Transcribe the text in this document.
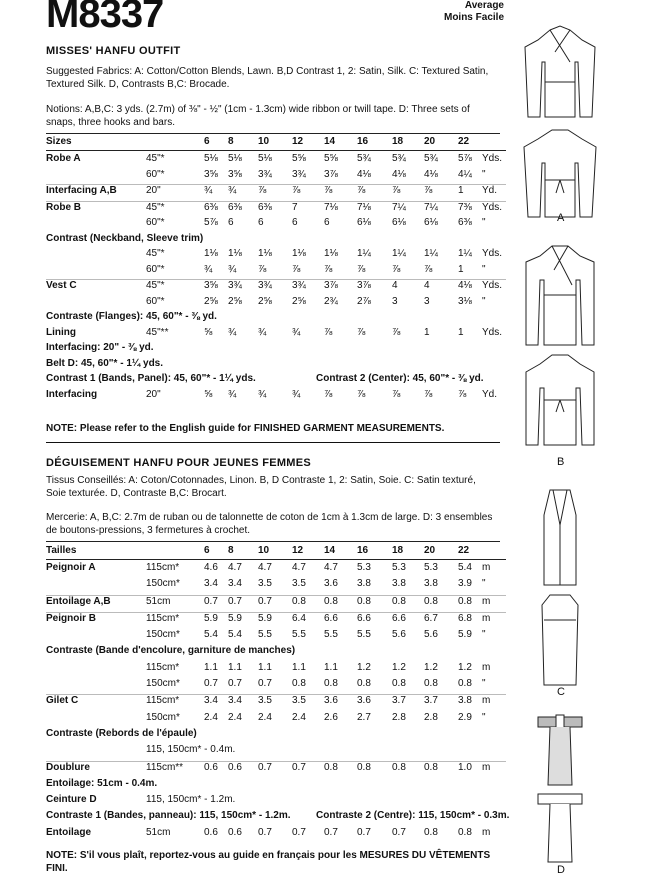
M8337	Average
Moins Facile
MISSES' HANFU OUTFIT
Suggested Fabrics: A: Cotton/Cotton Blends, Lawn. B,D Contrast 1, 2: Satin, Silk. C: Textured Satin, Textured Silk. D, Contrasts B,C: Brocade.
Notions: A,B,C: 3 yds. (2.7m) of ⅜" - ½" (1cm - 1.3cm) wide ribbon or twill tape. D: Three sets of snaps, three hooks and bars.
Sizes	6 8 10 12 14 16 18 20 22
Robe A	45"*	5⅛ 5⅛ 5⅛ 5⅝ 5⅝ 5¾ 5¾ 5¾ 5⅞ Yds.
60"*	3⅝ 3⅝ 3¾ 3¾ 3⅞ 4⅛ 4⅛ 4⅛ 4¼ "
Interfacing A,B	20"	¾ ¾ ⅞	⅞ ⅞ ⅞	⅞ ⅞	1 Yd.
Robe B	45"*	6⅜ 6⅜ 6⅜ 7	7⅛ 7⅛ 7¼ 7¼ 7⅜ Yds.
60"*	5⅞ 6 6	6	6	6⅛ 6⅛ 6⅛ 6⅜ "
Contrast (Neckband, Sleeve trim)
45"*	1⅛ 1⅛ 1⅛ 1⅛ 1⅛ 1¼ 1¼ 1¼ 1¼ Yds.
60"*	¾ ¾ ⅞	⅞ ⅞ ⅞	⅞ ⅞	1 "
Vest C	45"*	3⅝ 3¾ 3¾ 3¾ 3⅞ 3⅞ 4	4	4⅛ Yds.
60"*	2⅝ 2⅝ 2⅝ 2⅝ 2¾ 2⅞ 3	3	3⅛ "
Contraste (Flanges): 45, 60"* - ⅜ yd.
Lining	45"**	⅝ ¾ ¾	¾ ⅞ ⅞	⅞ 1	1 Yds.
Interfacing: 20" - ⅜ yd.
Belt D: 45, 60"* - 1¼ yds.
Contrast 1 (Bands, Panel): 45, 60"* - 1¼ yds.	Contrast 2 (Center): 45, 60"* - ⅜ yd.
Interfacing	20"	⅝ ¾ ¾	¾ ⅞ ⅞	⅞ ⅞	⅞ Yd.
NOTE: Please refer to the English guide for FINISHED GARMENT MEASUREMENTS.
DÉGUISEMENT HANFU POUR JEUNES FEMMES
Tissus Conseillés: A: Coton/Cotonnades, Linon. B, D Contraste 1, 2: Satin, Soie. C: Satin texturé, Soie texturée. D, Contraste B,C: Brocart.
Mercerie: A, B,C: 2.7m de ruban ou de talonnette de coton de 1cm à 1.3cm de large. D: 3 ensembles de boutons-pressions, 3 fermetures à crochet.
Tailles	6 8 10 12 14 16 18 20 22
Peignoir A	115cm* 4.6 4.7 4.7 4.7 4.7 5.3 5.3 5.3 5.4 m
150cm* 3.4 3.4 3.5 3.5 3.6 3.8 3.8 3.8 3.9 "
Entoilage A,B	51cm	0.7 0.7 0.7 0.8 0.8 0.8 0.8 0.8 0.8 m
Peignoir B	115cm* 5.9 5.9 5.9 6.4 6.6 6.6 6.6 6.7 6.8 m
150cm* 5.4 5.4 5.5 5.5 5.5 5.5 5.6 5.6 5.9 "
Contraste (Bande d'encolure, garniture de manches)
115cm* 1.1 1.1 1.1 1.1 1.1 1.2 1.2 1.2 1.2 m
150cm* 0.7 0.7 0.7 0.8 0.8 0.8 0.8 0.8 0.8 "
Gilet C	115cm* 3.4 3.4 3.5 3.5 3.6 3.6 3.7 3.7 3.8 m
150cm* 2.4 2.4 2.4 2.4 2.6 2.7 2.8 2.8 2.9 "
Contraste (Rebords de l'épaule)
115, 150cm* - 0.4m.
Doublure	115cm** 0.6 0.6 0.7 0.7 0.8 0.8 0.8 0.8 1.0 m
Entoilage: 51cm - 0.4m.
Ceinture D	115, 150cm* - 1.2m.
Contraste 1 (Bandes, panneau): 115, 150cm* - 1.2m.	Contraste 2 (Centre): 115, 150cm* - 0.3m.
Entoilage	51cm	0.6 0.6 0.7 0.7 0.7 0.7 0.7 0.8 0.8 m
NOTE: S'il vous plaît, reportez-vous au guide en français pour les MESURES DU VÊTEMENTS FINI.
A
B
C
D
